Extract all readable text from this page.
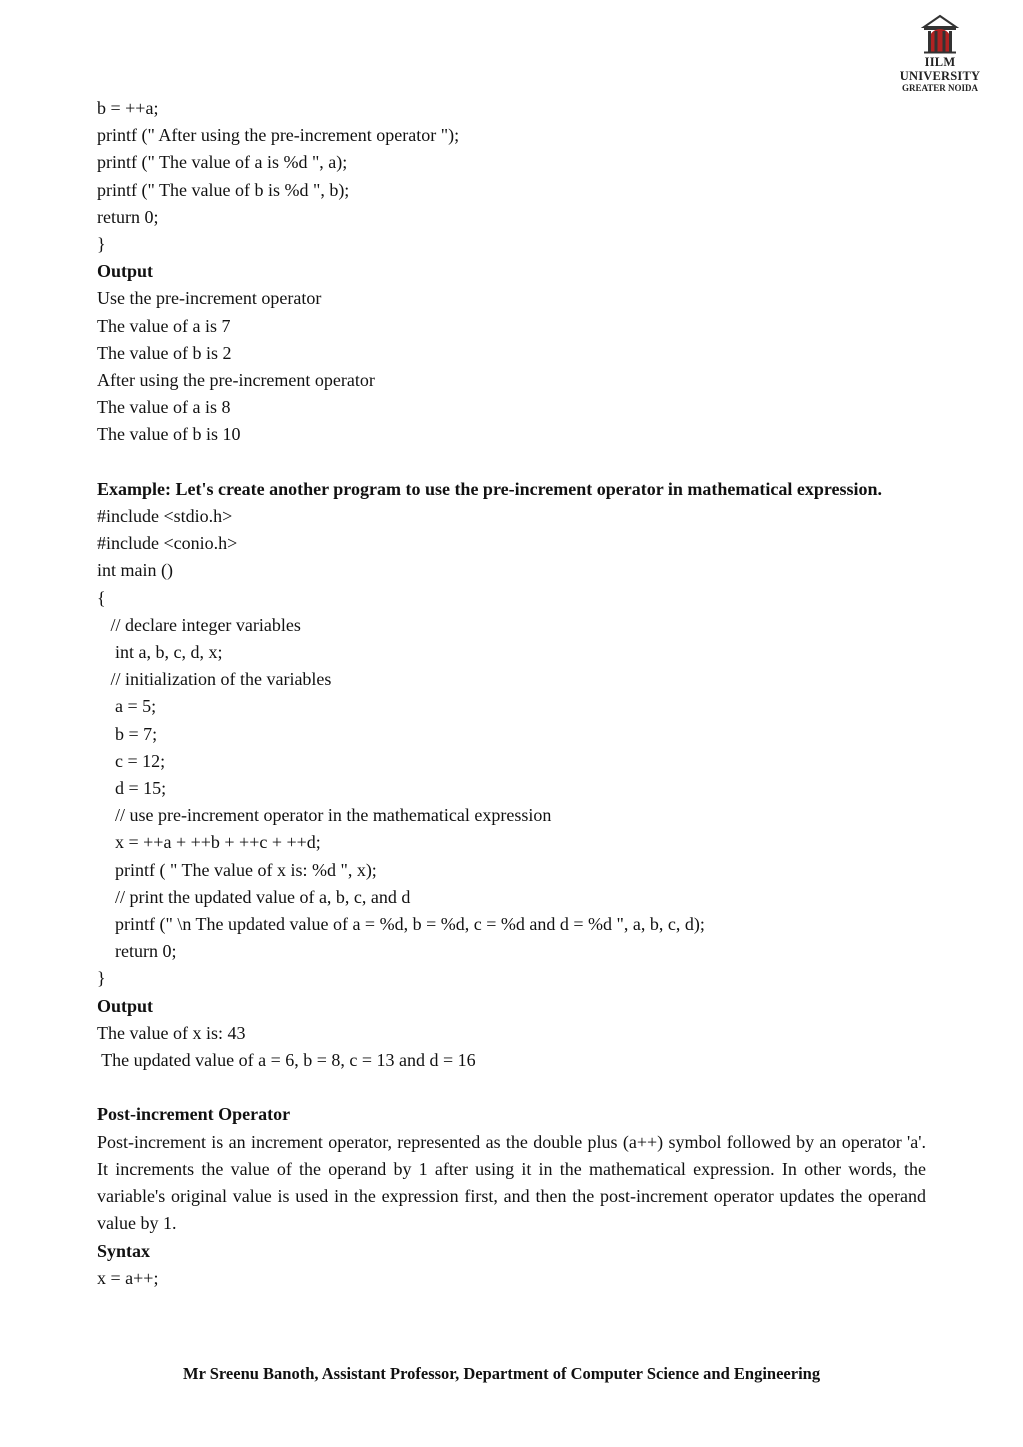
IILM UNIVERSITY
GREATER NOIDA
b = ++a;
printf (" After using the pre-increment operator ");
printf (" The value of a is %d ", a);
printf (" The value of b is %d ", b);
return 0;
}
Output
Use the pre-increment operator
The value of a is 7
The value of b is 2
After using the pre-increment operator
The value of a is 8
The value of b is 10
Example: Let's create another program to use the pre-increment operator in mathematical expression.
#include <stdio.h>
#include <conio.h>
int main ()
{
// declare integer variables
int a, b, c, d, x;
// initialization of the variables
a = 5;
b = 7;
c = 12;
d = 15;
// use pre-increment operator in the mathematical expression
x = ++a + ++b + ++c + ++d;
printf ( " The value of x is: %d ", x);
// print the updated value of a, b, c, and d
printf (" \n The updated value of a = %d, b = %d, c = %d and d = %d ", a, b, c, d);
return 0;
}
Output
The value of x is: 43
The updated value of a = 6, b = 8, c = 13 and d = 16
Post-increment Operator
Post-increment is an increment operator, represented as the double plus (a++) symbol followed by an operator 'a'. It increments the value of the operand by 1 after using it in the mathematical expression. In other words, the variable's original value is used in the expression first, and then the post-increment operator updates the operand value by 1.
Syntax
x = a++;
Mr Sreenu Banoth, Assistant Professor, Department of Computer Science and Engineering
